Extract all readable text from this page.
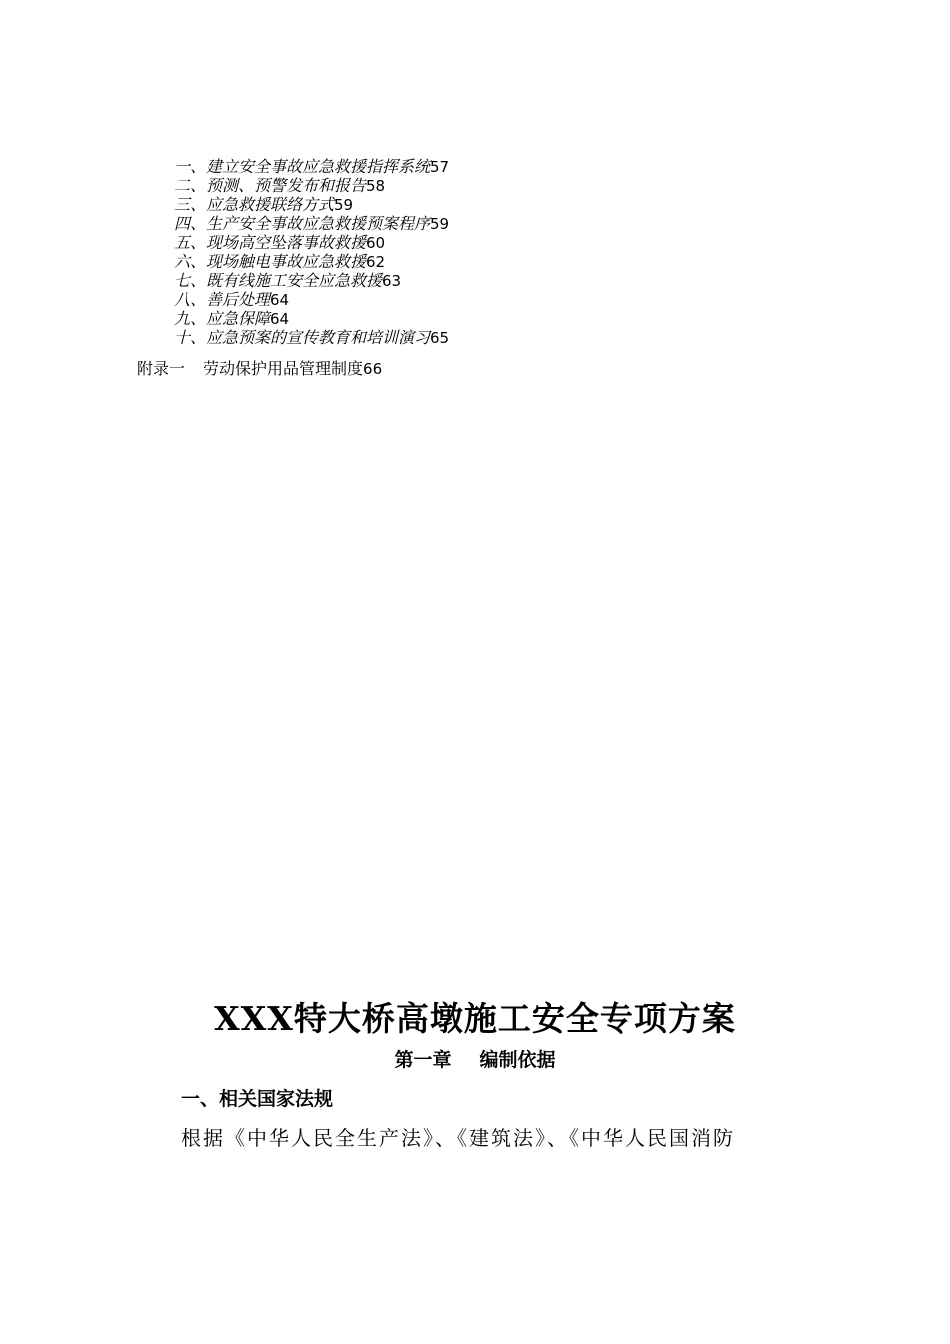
一、建立安全事故应急救援指挥系统57
二、预测、预警发布和报告58
三、应急救援联络方式59
四、生产安全事故应急救援预案程序59
五、现场高空坠落事故救援60
六、现场触电事故应急救援62
七、既有线施工安全应急救援63
八、善后处理64
九、应急保障64
十、应急预案的宣传教育和培训演习65
附录一 劳动保护用品管理制度66
XXX特大桥高墩施工安全专项方案
第一章 编制依据
一、相关国家法规
根据《中华人民全生产法》、《建筑法》、《中华人民国消防
